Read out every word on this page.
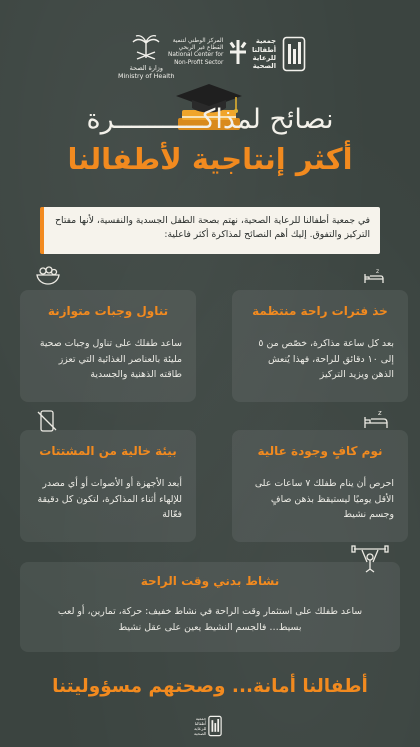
وزارة الصحة
Ministry of Health
المركز الوطني لتنمية
القطاع غير الربحي
National Center for
Non-Profit Sector
جمعية
أطفالنا
للرعاية
الصحية
نصائح لمذاكـــــــــــرة
أكثر إنتاجية لأطفالنا
في جمعية أطفالنا للرعاية الصحية، نهتم بصحة الطفل الجسدية والنفسية، لأنها مفتاح التركيز والتفوق. إليك أهم النصائح لمذاكرة أكثر فاعلية:
z
z
خذ فترات راحة منتظمة
بعد كل ساعة مذاكرة، خصّص من ٥ إلى ١٠ دقائق للراحة، فهذا يُنعش الذهن ويزيد التركيز
تناول وجبات متوازنة
ساعد طفلك على تناول وجبات صحية مليئة بالعناصر الغذائية التي تعزز طاقته الذهنية والجسدية
نوم كافٍ وجودة عالية
احرص أن ينام طفلك ٧ ساعات على الأقل يوميًا ليستيقظ بذهن صافٍ وجسم نشيط
بيئة خالية من المشتتات
أبعد الأجهزة أو الأصوات أو أي مصدر للإلهاء أثناء المذاكرة، لتكون كل دقيقة فعّالة
نشاط بدني وقت الراحة
ساعد طفلك على استثمار وقت الراحة في نشاط خفيف: حركة، تمارين، أو لعب بسيط… فالجسم النشيط يعين على عقل نشيط
أطفالنا أمانة... وصحتهم مسؤوليتنا
جمعية
أطفالنا
للرعاية
الصحية
